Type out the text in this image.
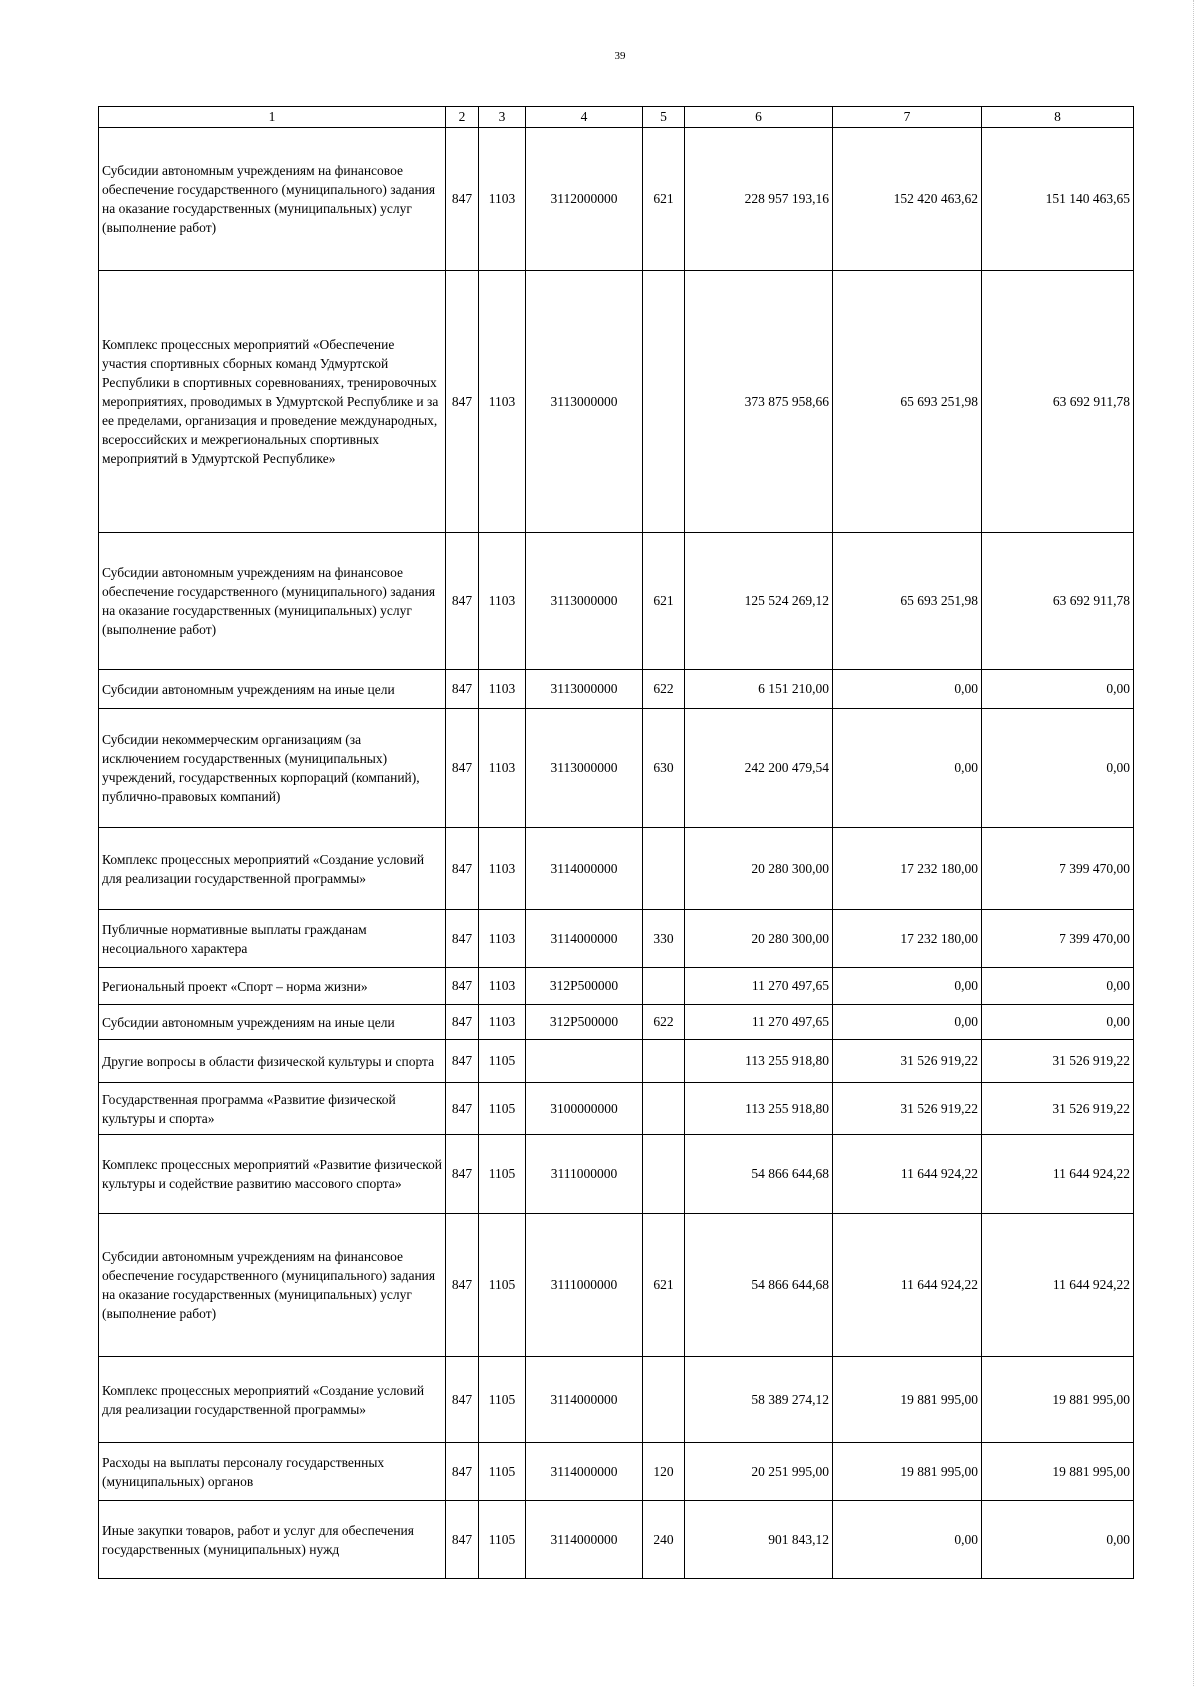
39
1	2	3	4	5	6	7	8
Субсидии автономным учреждениям на финансовое обеспечение государственного (муниципального) задания на оказание государственных (муниципальных) услуг (выполнение работ)	847	1103	3112000000	621	228 957 193,16	152 420 463,62	151 140 463,65
Комплекс процессных мероприятий «Обеспечение участия спортивных сборных команд Удмуртской Республики в спортивных соревнованиях, тренировочных мероприятиях, проводимых в Удмуртской Республике и за ее пределами, организация и проведение международных, всероссийских и межрегиональных спортивных мероприятий в Удмуртской Республике»	847	1103	3113000000		373 875 958,66	65 693 251,98	63 692 911,78
Субсидии автономным учреждениям на финансовое обеспечение государственного (муниципального) задания на оказание государственных (муниципальных) услуг (выполнение работ)	847	1103	3113000000	621	125 524 269,12	65 693 251,98	63 692 911,78
Субсидии автономным учреждениям на иные цели	847	1103	3113000000	622	6 151 210,00	0,00	0,00
Субсидии некоммерческим организациям (за исключением государственных (муниципальных) учреждений, государственных корпораций (компаний), публично-правовых компаний)	847	1103	3113000000	630	242 200 479,54	0,00	0,00
Комплекс процессных мероприятий «Создание условий для реализации государственной программы»	847	1103	3114000000		20 280 300,00	17 232 180,00	7 399 470,00
Публичные нормативные выплаты гражданам несоциального характера	847	1103	3114000000	330	20 280 300,00	17 232 180,00	7 399 470,00
Региональный проект «Спорт – норма жизни»	847	1103	312P500000		11 270 497,65	0,00	0,00
Субсидии автономным учреждениям на иные цели	847	1103	312P500000	622	11 270 497,65	0,00	0,00
Другие вопросы в области физической культуры и спорта	847	1105			113 255 918,80	31 526 919,22	31 526 919,22
Государственная программа «Развитие физической культуры и спорта»	847	1105	3100000000		113 255 918,80	31 526 919,22	31 526 919,22
Комплекс процессных мероприятий «Развитие физической культуры и содействие развитию массового спорта»	847	1105	3111000000		54 866 644,68	11 644 924,22	11 644 924,22
Субсидии автономным учреждениям на финансовое обеспечение государственного (муниципального) задания на оказание государственных (муниципальных) услуг (выполнение работ)	847	1105	3111000000	621	54 866 644,68	11 644 924,22	11 644 924,22
Комплекс процессных мероприятий «Создание условий для реализации государственной программы»	847	1105	3114000000		58 389 274,12	19 881 995,00	19 881 995,00
Расходы на выплаты персоналу государственных (муниципальных) органов	847	1105	3114000000	120	20 251 995,00	19 881 995,00	19 881 995,00
Иные закупки товаров, работ и услуг для обеспечения государственных (муниципальных) нужд	847	1105	3114000000	240	901 843,12	0,00	0,00
